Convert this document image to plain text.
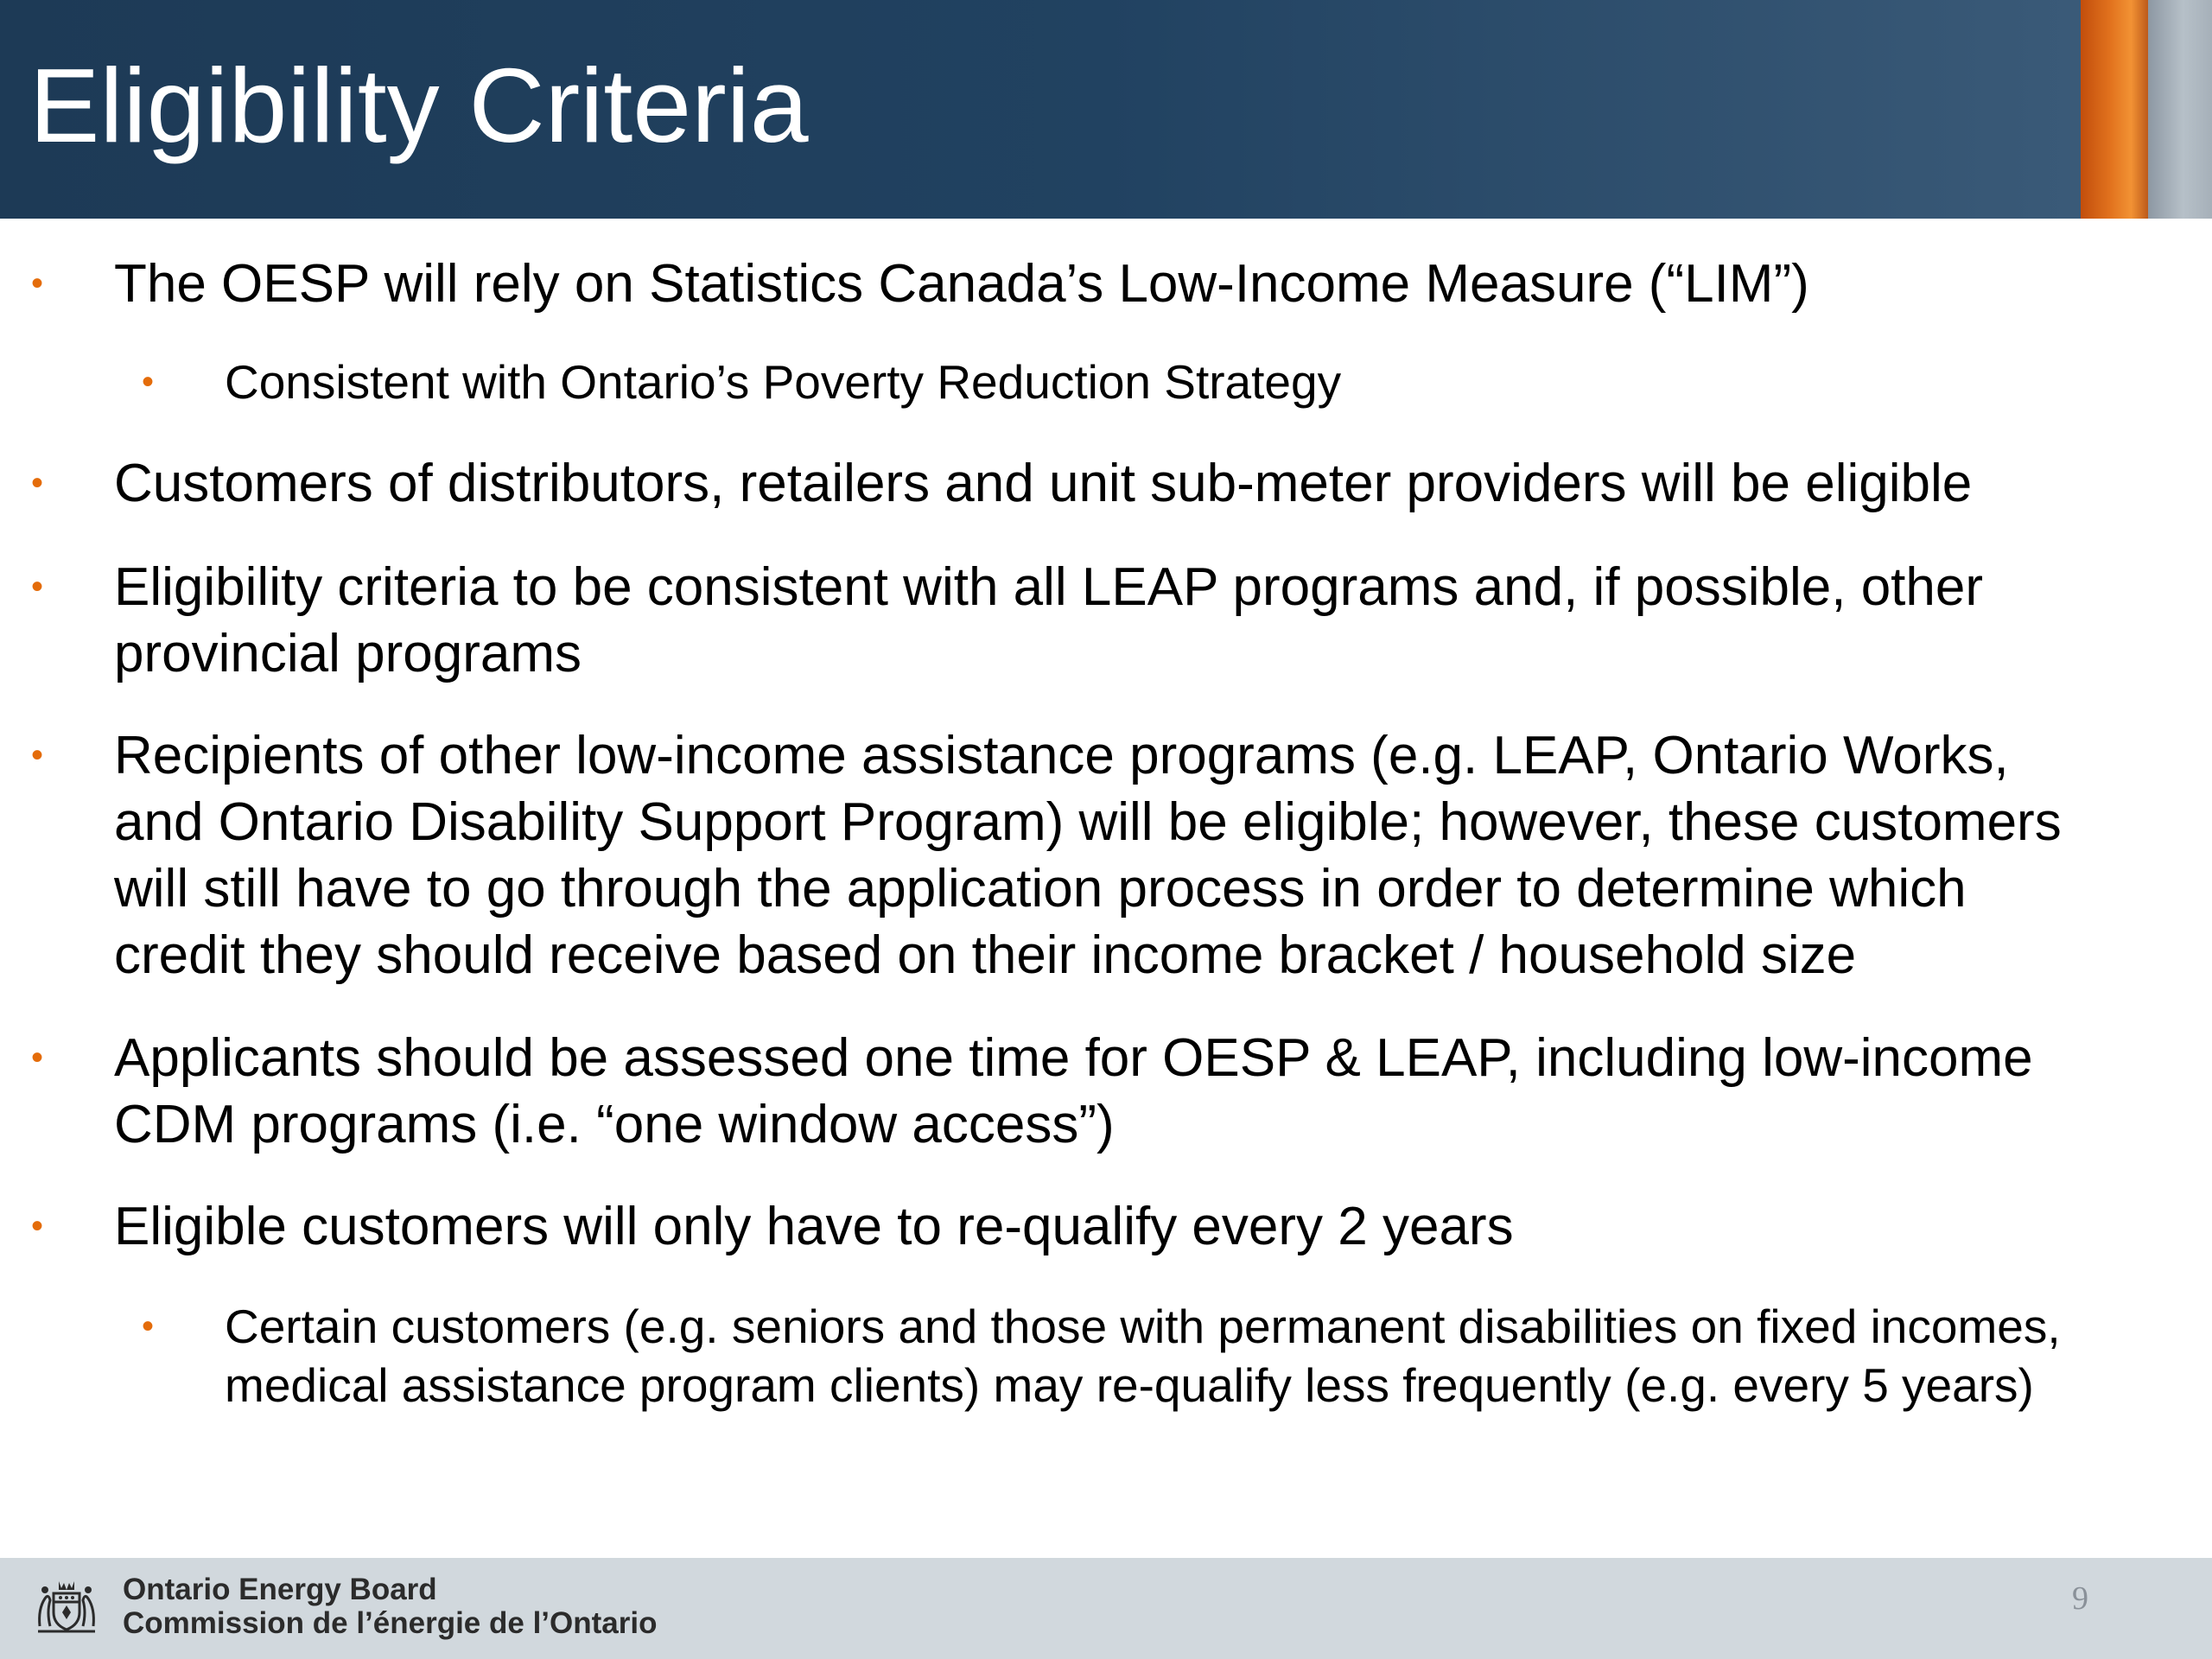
Eligibility Criteria
• The OESP will rely on Statistics Canada’s Low-Income Measure (“LIM”)
• Consistent with Ontario’s Poverty Reduction Strategy
• Customers of distributors, retailers and unit sub-meter providers will be eligible
• Eligibility criteria to be consistent with all LEAP programs and, if possible, other
provincial programs
• Recipients of other low-income assistance programs (e.g. LEAP, Ontario Works,
and Ontario Disability Support Program) will be eligible; however, these customers
will still have to go through the application process in order to determine which
credit they should receive based on their income bracket / household size
• Applicants should be assessed one time for OESP & LEAP, including low-income
CDM programs (i.e. “one window access”)
• Eligible customers will only have to re-qualify every 2 years
• Certain customers (e.g. seniors and those with permanent disabilities on fixed incomes,
medical assistance program clients) may re-qualify less frequently (e.g. every 5 years)
Ontario Energy Board
Commission de l’énergie de l’Ontario
9
